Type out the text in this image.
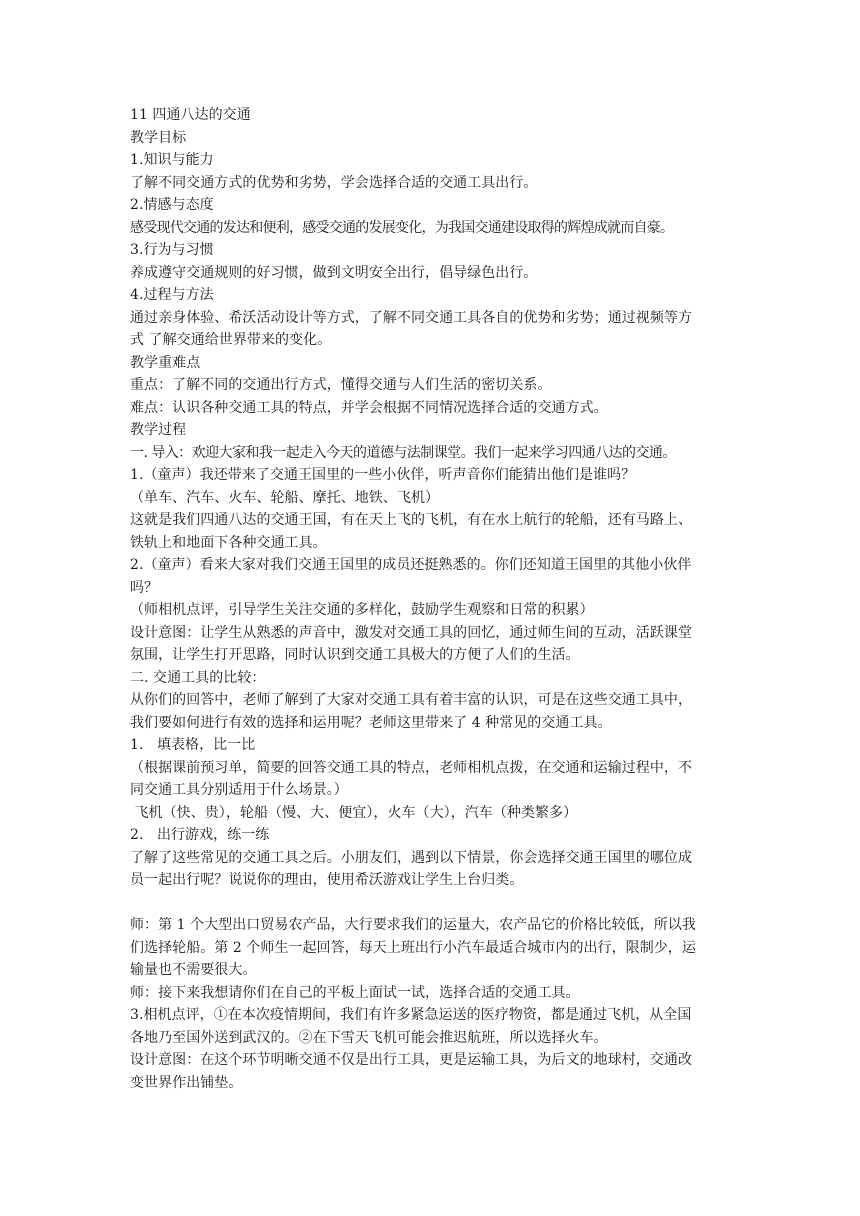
11 四通八达的交通
教学目标
1.知识与能力
了解不同交通方式的优势和劣势，学会选择合适的交通工具出行。
2.情感与态度
感受现代交通的发达和便利，感受交通的发展变化，为我国交通建设取得的辉煌成就而自豪。
3.行为与习惯
养成遵守交通规则的好习惯，做到文明安全出行，倡导绿色出行。
4.过程与方法
通过亲身体验、希沃活动设计等方式，了解不同交通工具各自的优势和劣势；通过视频等方
式 了解交通给世界带来的变化。
教学重难点
重点：了解不同的交通出行方式，懂得交通与人们生活的密切关系。
难点：认识各种交通工具的特点，并学会根据不同情况选择合适的交通方式。
教学过程
一. 导入：欢迎大家和我一起走入今天的道德与法制课堂。我们一起来学习四通八达的交通。
1.（童声）我还带来了交通王国里的一些小伙伴，听声音你们能猜出他们是谁吗？
（单车、汽车、火车、轮船、摩托、地铁、飞机）
这就是我们四通八达的交通王国，有在天上飞的飞机，有在水上航行的轮船，还有马路上、
铁轨上和地面下各种交通工具。
2.（童声）看来大家对我们交通王国里的成员还挺熟悉的。你们还知道王国里的其他小伙伴
吗？
（师相机点评，引导学生关注交通的多样化，鼓励学生观察和日常的积累）
设计意图：让学生从熟悉的声音中，激发对交通工具的回忆，通过师生间的互动，活跃课堂
氛围，让学生打开思路，同时认识到交通工具极大的方便了人们的生活。
二. 交通工具的比较：
从你们的回答中，老师了解到了大家对交通工具有着丰富的认识，可是在这些交通工具中，
我们要如何进行有效的选择和运用呢？老师这里带来了 4 种常见的交通工具。
1.   填表格，比一比
（根据课前预习单，简要的回答交通工具的特点，老师相机点拨，在交通和运输过程中，不
同交通工具分别适用于什么场景。）
飞机（快、贵），轮船（慢、大、便宜），火车（大），汽车（种类繁多）
2.   出行游戏，练一练
了解了这些常见的交通工具之后。小朋友们，遇到以下情景，你会选择交通王国里的哪位成
员一起出行呢？说说你的理由，使用希沃游戏让学生上台归类。
师：第 1 个大型出口贸易农产品，大行要求我们的运量大，农产品它的价格比较低，所以我
们选择轮船。第 2 个师生一起回答，每天上班出行小汽车最适合城市内的出行，限制少，运
输量也不需要很大。
师：接下来我想请你们在自己的平板上面试一试，选择合适的交通工具。
3.相机点评，①在本次疫情期间，我们有许多紧急运送的医疗物资，都是通过飞机，从全国
各地乃至国外送到武汉的。②在下雪天飞机可能会推迟航班，所以选择火车。
设计意图：在这个环节明晰交通不仅是出行工具，更是运输工具，为后文的地球村，交通改
变世界作出铺垫。
